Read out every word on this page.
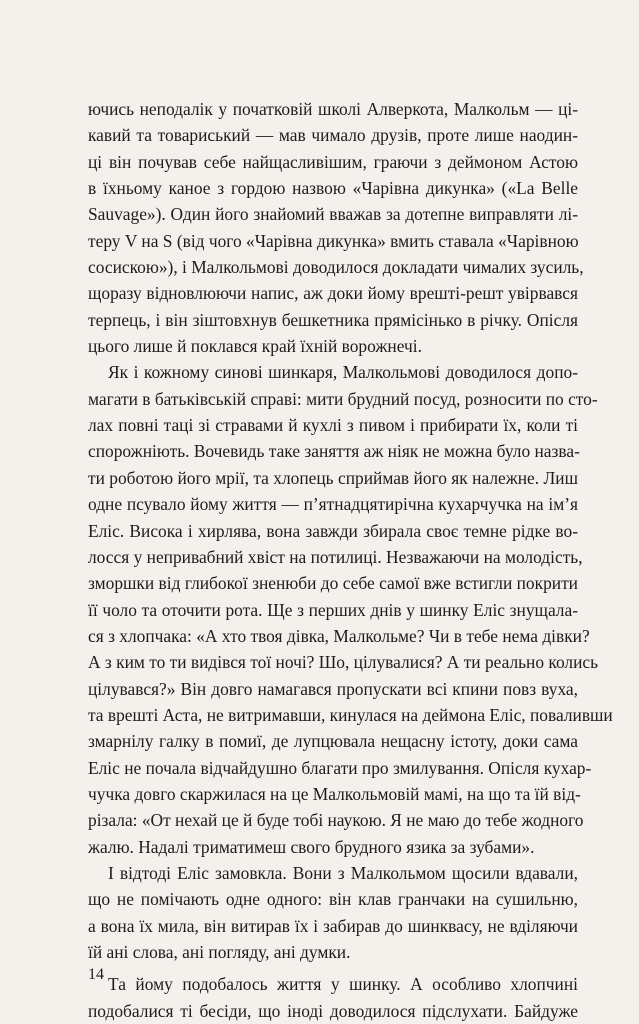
ючись неподалік у початковій школі Алверкота, Малкольм — ці-
кавий та товариський — мав чимало друзів, проте лише наодин-
ці він почував себе найщасливішим, граючи з деймоном Астою
в їхньому каное з гордою назвою «Чарівна дикунка» («La Belle
Sauvage»). Один його знайомий вважав за дотепне виправляти лі-
теру V на S (від чого «Чарівна дикунка» вмить ставала «Чарівною
сосискою»), і Малкольмові доводилося докладати чималих зусиль,
щоразу відновлюючи напис, аж доки йому врешті-решт увірвався
терпець, і він зіштовхнув бешкетника прямісінько в річку. Опісля
цього лише й поклався край їхній ворожнечі.
Як і кожному синові шинкаря, Малкольмові доводилося допо-
магати в батьківській справі: мити брудний посуд, розносити по сто-
лах повні таці зі стравами й кухлі з пивом і прибирати їх, коли ті
спорожніють. Вочевидь таке заняття аж ніяк не можна було назва-
ти роботою його мрії, та хлопець сприймав його як належне. Лиш
одне псувало йому життя — п’ятнадцятирічна кухарчучка на ім’я
Еліс. Висока і хирлява, вона завжди збирала своє темне рідке во-
лосся у непривабний хвіст на потилиці. Незважаючи на молодість,
зморшки від глибокої зненюби до себе самої вже встигли покрити
її чоло та оточити рота. Ще з перших днів у шинку Еліс знущала-
ся з хлопчака: «А хто твоя дівка, Малкольме? Чи в тебе нема дівки?
А з ким то ти видівся тої ночі? Шо, цілувалися? А ти реально колись
цілувався?» Він довго намагався пропускати всі кпини повз вуха,
та врешті Аста, не витримавши, кинулася на деймона Еліс, поваливши
змарнілу галку в помиї, де лупцювала нещасну істоту, доки сама
Еліс не почала відчайдушно благати про змилування. Опісля кухар-
чучка довго скаржилася на це Малкольмовій мамі, на що та їй від-
різала: «От нехай це й буде тобі наукою. Я не маю до тебе жодного
жалю. Надалі триматимеш свого брудного язика за зубами».
І відтоді Еліс замовкла. Вони з Малкольмом щосили вдавали,
що не помічають одне одного: він клав гранчаки на сушильню,
а вона їх мила, він витирав їх і забирав до шинквасу, не вділяючи
їй ані слова, ані погляду, ані думки.
Та йому подобалось життя у шинку. А особливо хлопчині
подобалися ті бесіди, що іноді доводилося підслухати. Байдуже
14
